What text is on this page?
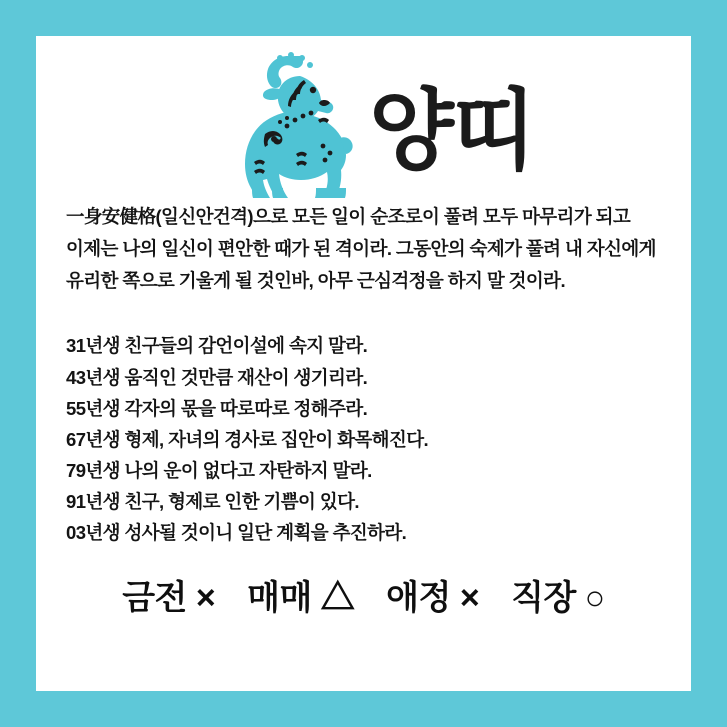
양띠

一身安健格(일신안건격)으로 모든 일이 순조로이 풀려 모두 마무리가 되고 이제는 나의 일신이 편안한 때가 된 격이라. 그동안의 숙제가 풀려 내 자신에게 유리한 쪽으로 기울게 될 것인바, 아무 근심걱정을 하지 말 것이라.

31년생 친구들의 감언이설에 속지 말라.
43년생 움직인 것만큼 재산이 생기리라.
55년생 각자의 몫을 따로따로 정해주라.
67년생 형제, 자녀의 경사로 집안이 화목해진다.
79년생 나의 운이 없다고 자탄하지 말라.
91년생 친구, 형제로 인한 기쁨이 있다.
03년생 성사될 것이니 일단 계획을 추진하라.
금전 × 매매 △ 애정 × 직장 ○
